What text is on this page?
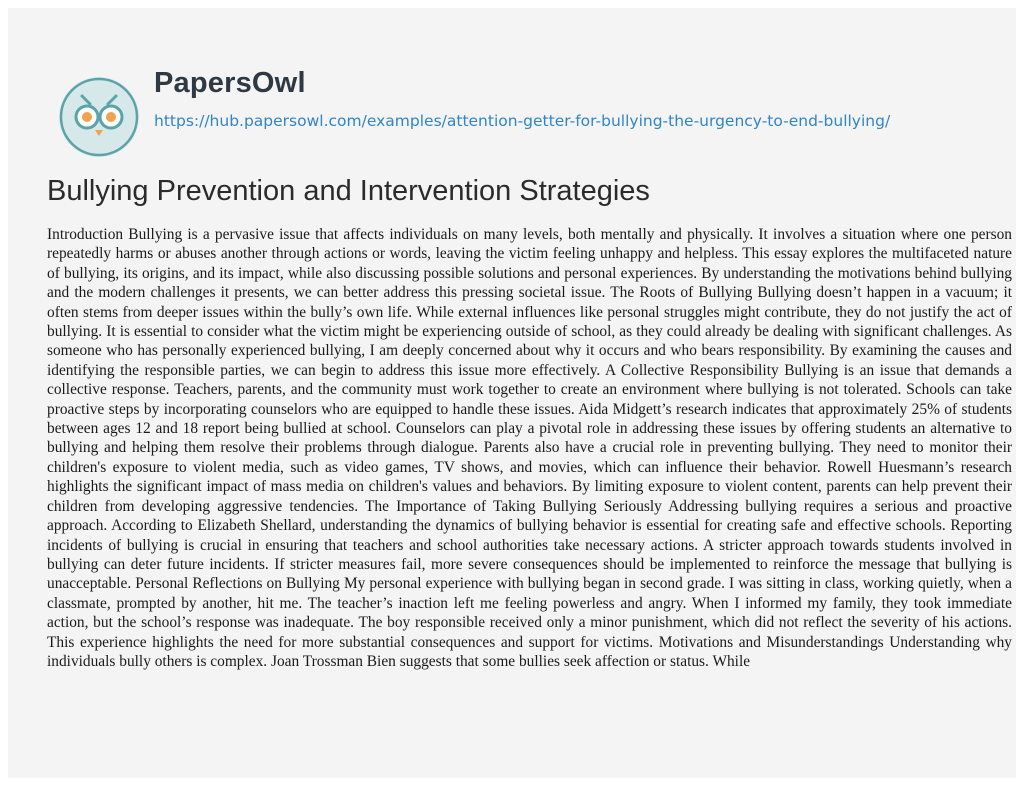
PapersOwl
https://hub.papersowl.com/examples/attention-getter-for-bullying-the-urgency-to-end-bullying/
Bullying Prevention and Intervention Strategies

Introduction Bullying is a pervasive issue that affects individuals on many levels, both mentally and physically. It involves a situation where one person repeatedly harms or abuses another through actions or words, leaving the victim feeling unhappy and helpless. This essay explores the multifaceted nature of bullying, its origins, and its impact, while also discussing possible solutions and personal experiences. By understanding the motivations behind bullying and the modern challenges it presents, we can better address this pressing societal issue. The Roots of Bullying Bullying doesn’t happen in a vacuum; it often stems from deeper issues within the bully’s own life. While external influences like personal struggles might contribute, they do not justify the act of bullying. It is essential to consider what the victim might be experiencing outside of school, as they could already be dealing with significant challenges. As someone who has personally experienced bullying, I am deeply concerned about why it occurs and who bears responsibility. By examining the causes and identifying the responsible parties, we can begin to address this issue more effectively. A Collective Responsibility Bullying is an issue that demands a collective response. Teachers, parents, and the community must work together to create an environment where bullying is not tolerated. Schools can take proactive steps by incorporating counselors who are equipped to handle these issues. Aida Midgett’s research indicates that approximately 25% of students between ages 12 and 18 report being bullied at school. Counselors can play a pivotal role in addressing these issues by offering students an alternative to bullying and helping them resolve their problems through dialogue. Parents also have a crucial role in preventing bullying. They need to monitor their children's exposure to violent media, such as video games, TV shows, and movies, which can influence their behavior. Rowell Huesmann’s research highlights the significant impact of mass media on children's values and behaviors. By limiting exposure to violent content, parents can help prevent their children from developing aggressive tendencies. The Importance of Taking Bullying Seriously Addressing bullying requires a serious and proactive approach. According to Elizabeth Shellard, understanding the dynamics of bullying behavior is essential for creating safe and effective schools. Reporting incidents of bullying is crucial in ensuring that teachers and school authorities take necessary actions. A stricter approach towards students involved in bullying can deter future incidents. If stricter measures fail, more severe consequences should be implemented to reinforce the message that bullying is unacceptable. Personal Reflections on Bullying My personal experience with bullying began in second grade. I was sitting in class, working quietly, when a classmate, prompted by another, hit me. The teacher’s inaction left me feeling powerless and angry. When I informed my family, they took immediate action, but the school’s response was inadequate. The boy responsible received only a minor punishment, which did not reflect the severity of his actions. This experience highlights the need for more substantial consequences and support for victims. Motivations and Misunderstandings Understanding why individuals bully others is complex. Joan Trossman Bien suggests that some bullies seek affection or status. While
